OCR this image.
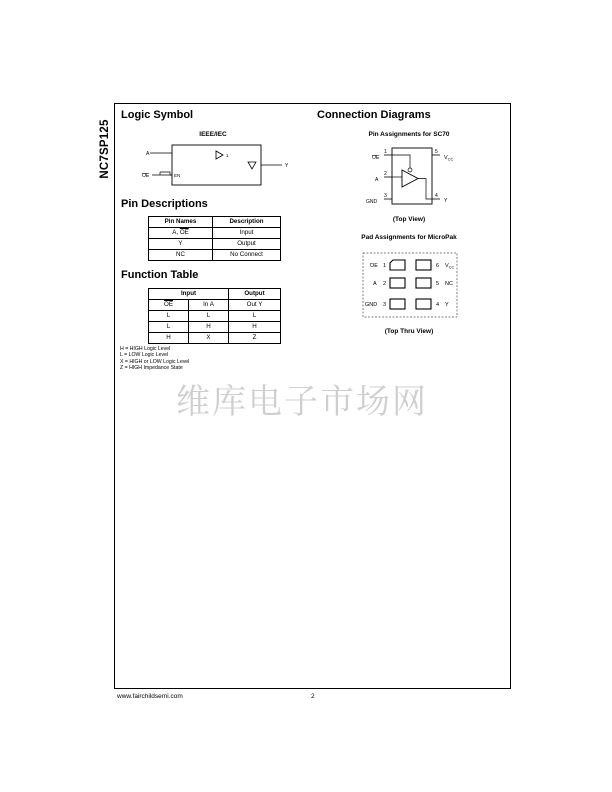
NC7SP125
Logic Symbol
IEEE/IEC
A
OE
Y
1
EN
Pin Descriptions
Pin Names	Description
A, $\overline{OE}$	Input
Y	Output
NC	No Connect
Function Table
Input		Output
$\overline{OE}$	In A	Out Y
L	L	L
L	H	H
H	X	Z
H = HIGH Logic Level
L = LOW Logic Level
X = HIGH or LOW Logic Level
Z = HIGH Impedance State
Connection Diagrams
Pin Assignments for SC70
1
OE
2
A
3
GND
5
$V_{CC}$
4
Y
(Top View)
Pad Assignments for MicroPak
OE 1
A 2
GND 3
6 $V_{CC}$
5 NC
4 Y
(Top Thru View)
维库电子市场网
www.fairchildsemi.com	2
